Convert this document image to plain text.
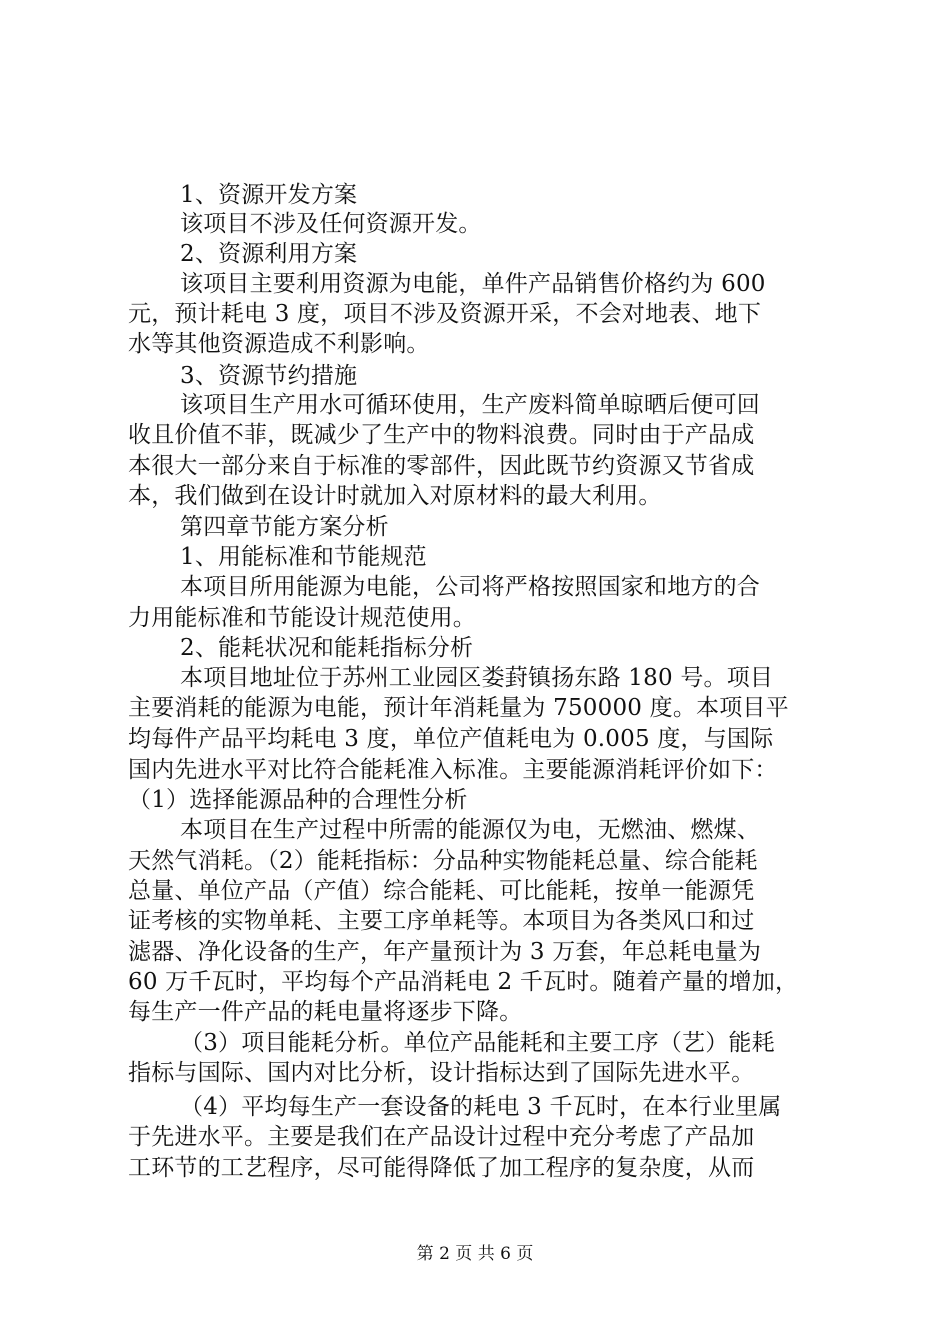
1、资源开发方案
该项目不涉及任何资源开发。
2、资源利用方案
该项目主要利用资源为电能，单件产品销售价格约为 600
元，预计耗电 3 度，项目不涉及资源开采，不会对地表、地下
水等其他资源造成不利影响。
3、资源节约措施
该项目生产用水可循环使用，生产废料简单晾晒后便可回
收且价值不菲，既减少了生产中的物料浪费。同时由于产品成
本很大一部分来自于标准的零部件，因此既节约资源又节省成
本，我们做到在设计时就加入对原材料的最大利用。
第四章节能方案分析
1、用能标准和节能规范
本项目所用能源为电能，公司将严格按照国家和地方的合
力用能标准和节能设计规范使用。
2、能耗状况和能耗指标分析
本项目地址位于苏州工业园区娄葑镇扬东路 180 号。项目
主要消耗的能源为电能，预计年消耗量为 750000 度。本项目平
均每件产品平均耗电 3 度，单位产值耗电为 0.005 度，与国际
国内先进水平对比符合能耗准入标准。主要能源消耗评价如下：
（1）选择能源品种的合理性分析
本项目在生产过程中所需的能源仅为电，无燃油、燃煤、
天然气消耗。（2）能耗指标：分品种实物能耗总量、综合能耗
总量、单位产品（产值）综合能耗、可比能耗，按单一能源凭
证考核的实物单耗、主要工序单耗等。本项目为各类风口和过
滤器、净化设备的生产，年产量预计为 3 万套，年总耗电量为
60 万千瓦时，平均每个产品消耗电 2 千瓦时。随着产量的增加，
每生产一件产品的耗电量将逐步下降。
（3）项目能耗分析。单位产品能耗和主要工序（艺）能耗
指标与国际、国内对比分析，设计指标达到了国际先进水平。
（4）平均每生产一套设备的耗电 3 千瓦时，在本行业里属
于先进水平。主要是我们在产品设计过程中充分考虑了产品加
工环节的工艺程序，尽可能得降低了加工程序的复杂度，从而
第 2 页 共 6 页
